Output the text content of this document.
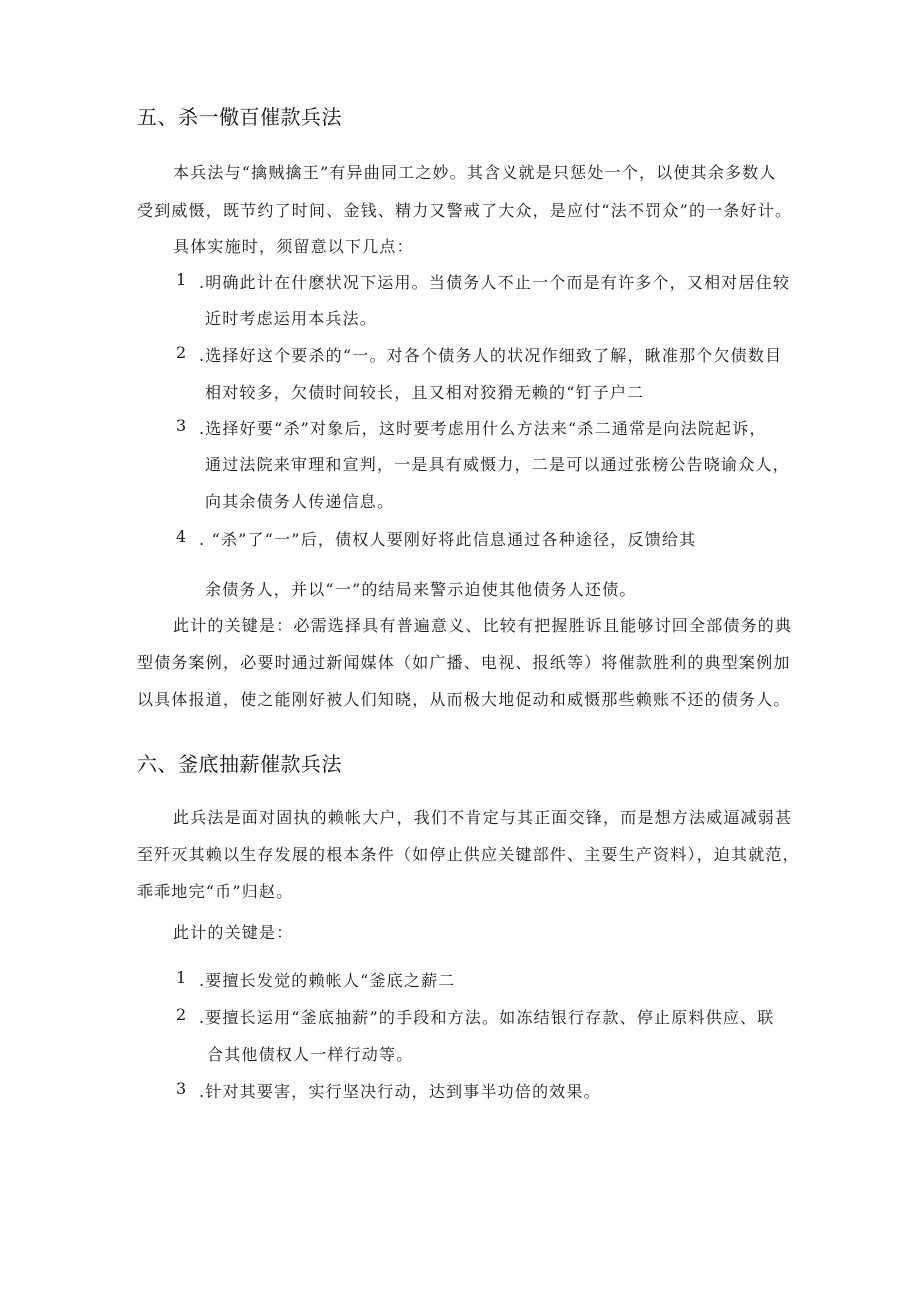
五、杀一儆百催款兵法
本兵法与“擒贼擒王”有异曲同工之妙。其含义就是只惩处一个，以使其余多数人
受到威慑，既节约了时间、金钱、精力又警戒了大众，是应付“法不罚众”的一条好计。
具体实施时，须留意以下几点：
1 .明确此计在什麽状况下运用。当债务人不止一个而是有许多个，又相对居住较
近时考虑运用本兵法。
2 .选择好这个要杀的“一。对各个债务人的状况作细致了解，瞅准那个欠债数目
相对较多，欠债时间较长，且又相对狡猾无赖的“钉子户二
3 .选择好要“杀”对象后，这时要考虑用什么方法来“杀二通常是向法院起诉，
通过法院来审理和宣判，一是具有威慑力，二是可以通过张榜公告晓谕众人，
向其余债务人传递信息。
4 . “杀”了“一”后，债权人要刚好将此信息通过各种途径，反馈给其
余债务人，并以“一”的结局来警示迫使其他债务人还债。
此计的关键是：必需选择具有普遍意义、比较有把握胜诉且能够讨回全部债务的典
型债务案例，必要时通过新闻媒体（如广播、电视、报纸等）将催款胜利的典型案例加
以具体报道，使之能刚好被人们知晓，从而极大地促动和威慑那些赖账不还的债务人。
六、釜底抽薪催款兵法
此兵法是面对固执的赖帐大户，我们不肯定与其正面交锋，而是想方法威逼减弱甚
至歼灭其赖以生存发展的根本条件（如停止供应关键部件、主要生产资料），迫其就范，
乖乖地完“币”归赵。
此计的关键是：
1 .要擅长发觉的赖帐人“釜底之薪二
2 .要擅长运用“釜底抽薪”的手段和方法。如冻结银行存款、停止原料供应、联
合其他债权人一样行动等。
3 .针对其要害，实行坚决行动，达到事半功倍的效果。
